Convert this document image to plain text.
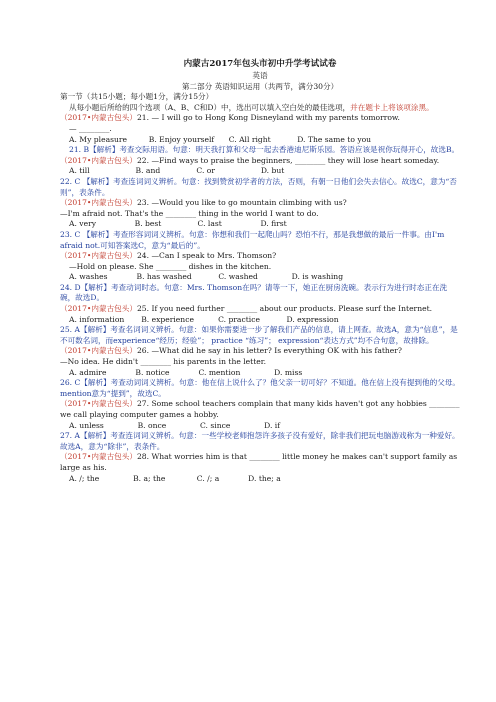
内蒙古2017年包头市初中升学考试试卷
英语
第二部分 英语知识运用（共两节，满分30分）
第一节（共15小题；每小题1分，满分15分）
从每小题后所给的四个选项（A、B、C和D）中，选出可以填入空白处的最佳选项，并在题卡上将该项涂黑。
（2017•内蒙古包头）21. — I will go to Hong Kong Disneyland with my parents tomorrow.
— ________.
A. My pleasure         B. Enjoy yourself      C. All right           D. The same to you
21. B【解析】考查交际用语。句意：明天我打算和父母一起去香港迪尼斯乐园。答语应该是祝你玩得开心，故选B。
（2017•内蒙古包头）22. —Find ways to praise the beginners, ________ they will lose heart someday.
A. till                   B. and               C. or                   D. but
22. C 【解析】考查连词词义辨析。句意：找到赞赏初学者的方法，否则，有朝一日他们会失去信心。故选C，意为“否则”，表条件。
（2017•内蒙古包头）23. —Would you like to go mountain climbing with us?
—I'm afraid not. That's the ________ thing in the world I want to do.
A. very                B. best               C. last                D. first
23. C 【解析】考查形容词词义辨析。句意：你想和我们一起爬山吗？恐怕不行，那是我想做的最后一件事。由I'm afraid not.可知答案选C，意为“最后的”。
（2017•内蒙古包头）24. —Can I speak to Mrs. Thomson?
—Hold on please. She ________ dishes in the kitchen.
A. washes            B. has washed           C. washed              D. is washing
24. D【解析】考查动词时态。句意：Mrs. Thomson在吗？请等一下，她正在厨房洗碗。表示行为进行时态正在洗碗，故选D。
（2017•内蒙古包头）25. If you need further ________ about our products. Please surf the Internet.
A. information       B. experience          C. practice           D. expression
25. A【解析】考查名词词义辨析。句意：如果你需要进一步了解我们产品的信息，请上网查。故选A，意为“信息”，是不可数名词，而experience“经历；经验”； practice “练习”； expression“表达方式”均不合句意，故排除。
（2017•内蒙古包头）26. —What did he say in his letter? Is everything OK with his father?
—No idea. He didn't ________ his parents in the letter.
A. admire            B. notice            C. mention              D. miss
26. C【解析】考查动词词义辨析。句意：他在信上说什么了？他父亲一切可好？不知道。他在信上没有提到他的父母。mention意为“提到”，故选C。
（2017•内蒙古包头）27. Some school teachers complain that many kids haven't got any hobbies ________ we call playing computer games a hobby.
A. unless              B. once              C. since              D. if
27. A【解析】考查连词词义辨析。句意：一些学校老师抱怨许多孩子没有爱好，除非我们把玩电脑游戏称为一种爱好。 故选A，意为“除非”，表条件。
（2017•内蒙古包头）28. What worries him is that ________ little money he makes can't support family as large as his.
A. /; the              B. a; the             C. /; a            D. the; a
